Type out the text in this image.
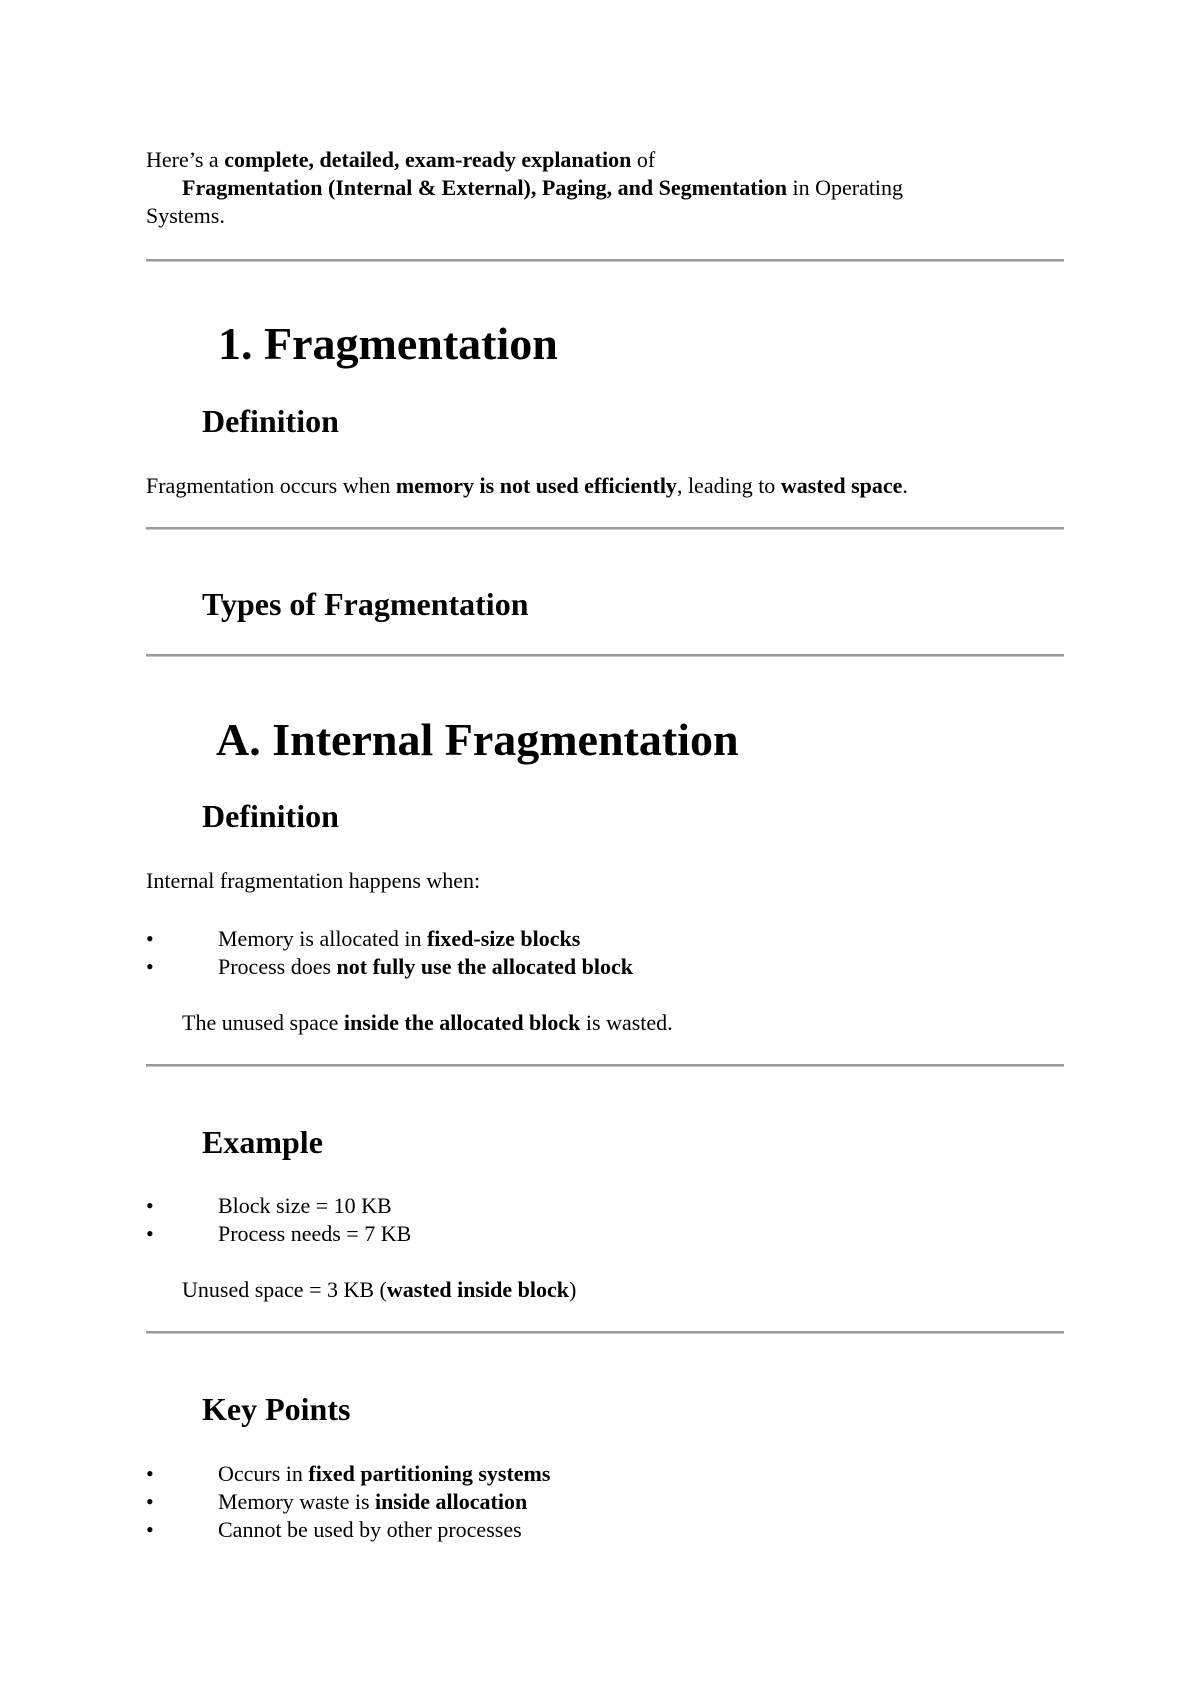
Here’s a complete, detailed, exam-ready explanation of

Fragmentation (Internal & External), Paging, and Segmentation in Operating

Systems.

1. Fragmentation
Definition

Fragmentation occurs when memory is not used efficiently, leading to wasted space.

Types of Fragmentation
A. Internal Fragmentation
Definition

Internal fragmentation happens when:

•	Memory is allocated in fixed-size blocks
•	Process does not fully use the allocated block

The unused space inside the allocated block is wasted.

Example
•	Block size = 10 KB
•	Process needs = 7 KB

Unused space = 3 KB (wasted inside block)

Key Points
•	Occurs in fixed partitioning systems
•	Memory waste is inside allocation
•	Cannot be used by other processes
